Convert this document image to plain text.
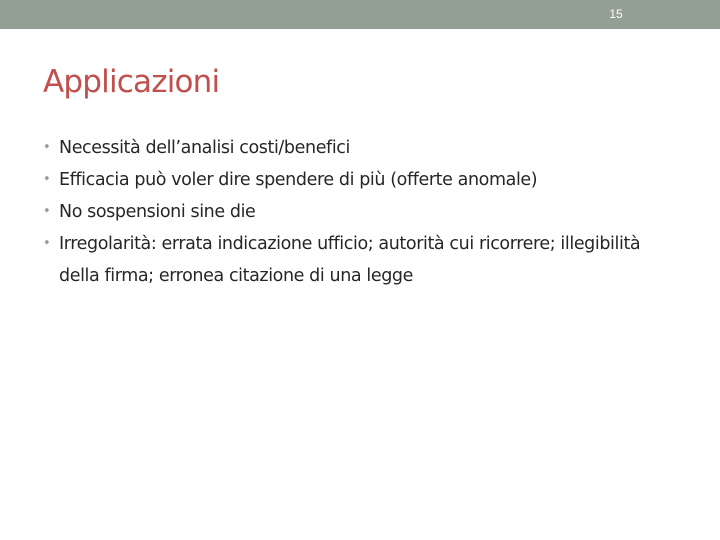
15
Applicazioni
• Necessità dell’analisi costi/benefici
• Efficacia può voler dire spendere di più (offerte anomale)
• No sospensioni sine die
• Irregolarità: errata indicazione ufficio; autorità cui ricorrere; illegibilità della firma; erronea citazione di una legge
